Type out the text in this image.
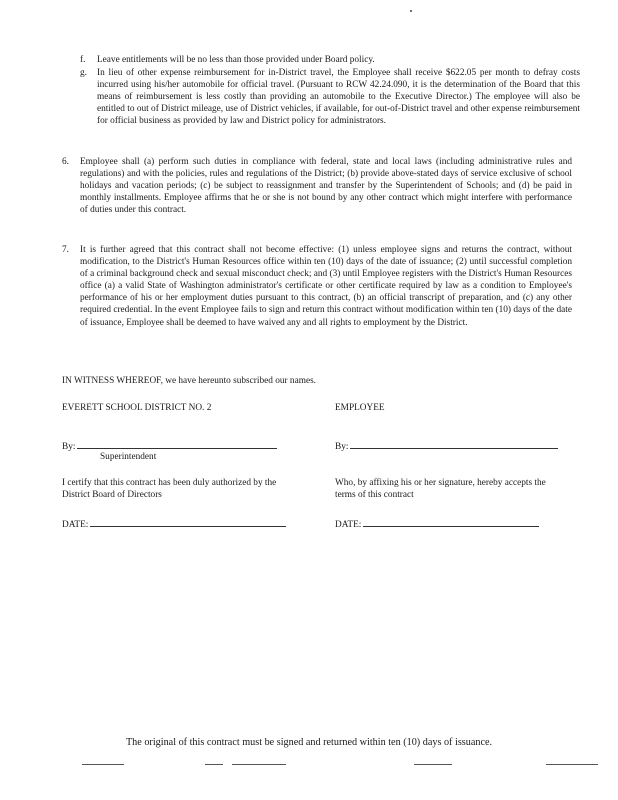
f. Leave entitlements will be no less than those provided under Board policy.
g. In lieu of other expense reimbursement for in-District travel, the Employee shall receive $622.05 per month to defray costs incurred using his/her automobile for official travel. (Pursuant to RCW 42.24.090, it is the determination of the Board that this means of reimbursement is less costly than providing an automobile to the Executive Director.) The employee will also be entitled to out of District mileage, use of District vehicles, if available, for out-of-District travel and other expense reimbursement for official business as provided by law and District policy for administrators.
6. Employee shall (a) perform such duties in compliance with federal, state and local laws (including administrative rules and regulations) and with the policies, rules and regulations of the District; (b) provide above-stated days of service exclusive of school holidays and vacation periods; (c) be subject to reassignment and transfer by the Superintendent of Schools; and (d) be paid in monthly installments. Employee affirms that he or she is not bound by any other contract which might interfere with performance of duties under this contract.
7. It is further agreed that this contract shall not become effective: (1) unless employee signs and returns the contract, without modification, to the District's Human Resources office within ten (10) days of the date of issuance; (2) until successful completion of a criminal background check and sexual misconduct check; and (3) until Employee registers with the District's Human Resources office (a) a valid State of Washington administrator's certificate or other certificate required by law as a condition to Employee's performance of his or her employment duties pursuant to this contract, (b) an official transcript of preparation, and (c) any other required credential. In the event Employee fails to sign and return this contract without modification within ten (10) days of the date of issuance, Employee shall be deemed to have waived any and all rights to employment by the District.
IN WITNESS WHEREOF, we have hereunto subscribed our names.
EVERETT SCHOOL DISTRICT NO. 2	EMPLOYEE
By:
Superintendent
By:
I certify that this contract has been duly authorized by the District Board of Directors
Who, by affixing his or her signature, hereby accepts the terms of this contract
DATE:	DATE:
The original of this contract must be signed and returned within ten (10) days of issuance.
